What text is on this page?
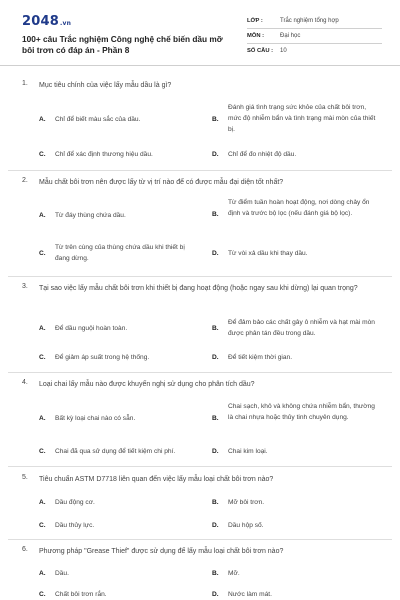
2048.vn
100+ câu Trắc nghiệm Công nghệ chế biến dầu mỡ bôi trơn có đáp án - Phần 8
LỚP :	Trắc nghiệm tổng hợp
MÔN :	Đại học
SỐ CÂU :	10
1. Mục tiêu chính của việc lấy mẫu dầu là gì?
A. Chỉ để biết màu sắc của dầu.	B.
Đánh giá tình trạng sức khỏe của chất bôi trơn, mức độ nhiễm bẩn và tình trạng mài mòn của thiết bị.
C. Chỉ để xác định thương hiệu dầu.	D. Chỉ để đo nhiệt độ dầu.
2. Mẫu chất bôi trơn nên được lấy từ vị trí nào để có được mẫu đại diện tốt nhất?
A. Từ đáy thùng chứa dầu.	B.
Từ điểm tuần hoàn hoạt động, nơi dòng chảy ổn định và trước bộ lọc (nếu đánh giá bộ lọc).
C.
Từ trên cùng của thùng chứa dầu khi thiết bị đang dừng.
D. Từ vòi xả dầu khi thay dầu.
3. Tại sao việc lấy mẫu chất bôi trơn khi thiết bị đang hoạt động (hoặc ngay sau khi dừng) lại quan trọng?
A. Để dầu nguội hoàn toàn.	B.
Để đảm bảo các chất gây ô nhiễm và hạt mài mòn được phân tán đều trong dầu.
C. Để giảm áp suất trong hệ thống.	D. Để tiết kiệm thời gian.
4. Loại chai lấy mẫu nào được khuyến nghị sử dụng cho phân tích dầu?
A. Bất kỳ loại chai nào có sẵn.	B.
Chai sạch, khô và không chứa nhiễm bẩn, thường là chai nhựa hoặc thủy tinh chuyên dụng.
C. Chai đã qua sử dụng để tiết kiệm chi phí.	D. Chai kim loại.
5. Tiêu chuẩn ASTM D7718 liên quan đến việc lấy mẫu loại chất bôi trơn nào?
A. Dầu động cơ.	B. Mỡ bôi trơn.
C. Dầu thủy lực.	D. Dầu hộp số.
6. Phương pháp "Grease Thief" được sử dụng để lấy mẫu loại chất bôi trơn nào?
A. Dầu.	B. Mỡ.
C. Chất bôi trơn rắn.	D. Nước làm mát.
